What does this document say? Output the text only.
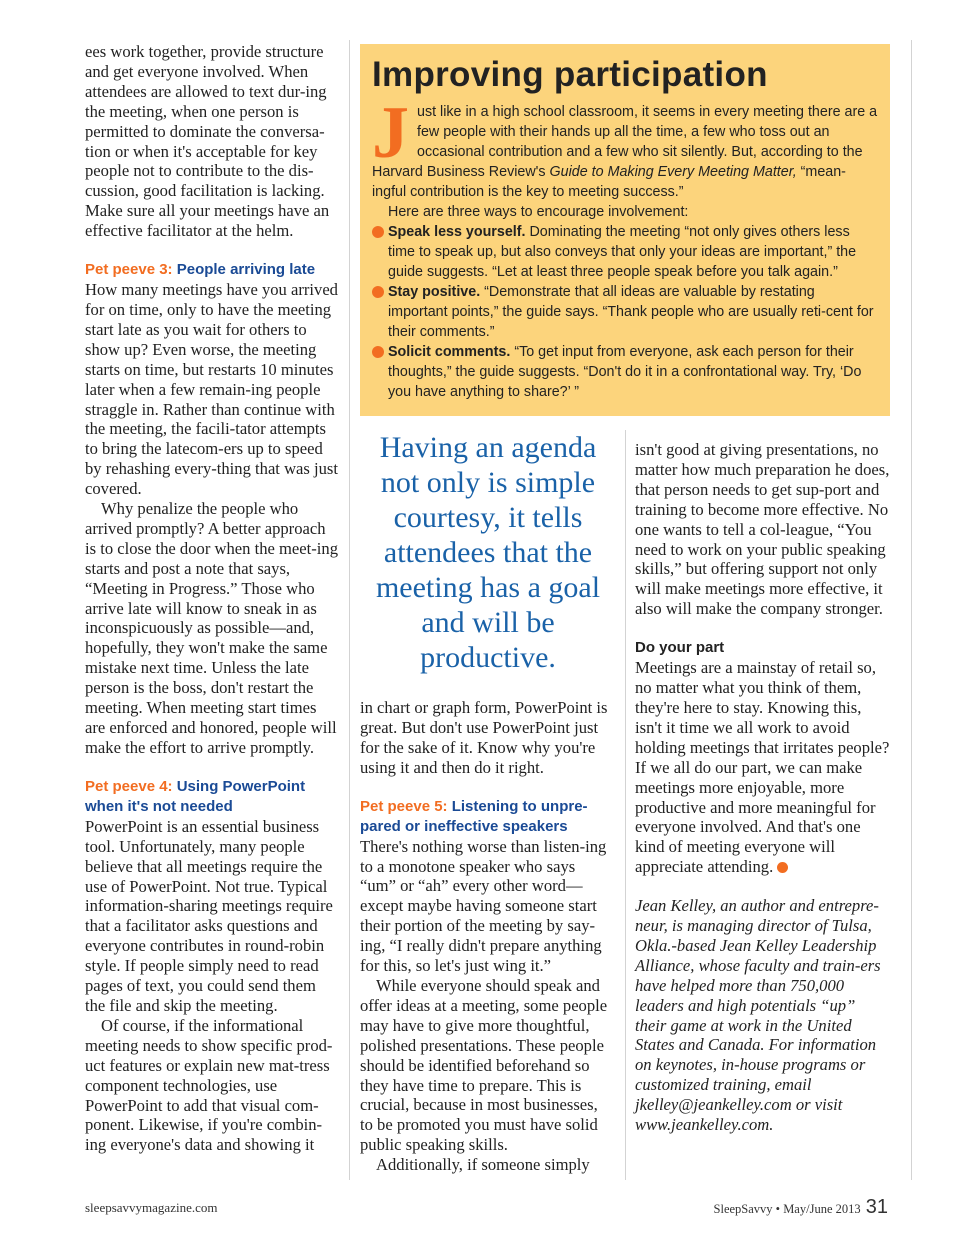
ees work together, provide structure and get everyone involved. When attendees are allowed to text dur-ing the meeting, when one person is permitted to dominate the conversa-tion or when it's acceptable for key people not to contribute to the dis-cussion, good facilitation is lacking. Make sure all your meetings have an effective facilitator at the helm.

Pet peeve 3: People arriving late

How many meetings have you arrived for on time, only to have the meeting start late as you wait for others to show up? Even worse, the meeting starts on time, but restarts 10 minutes later when a few remain-ing people straggle in. Rather than continue with the meeting, the facili-tator attempts to bring the latecom-ers up to speed by rehashing every-thing that was just covered.

Why penalize the people who arrived promptly? A better approach is to close the door when the meet-ing starts and post a note that says, “Meeting in Progress.” Those who arrive late will know to sneak in as inconspicuously as possible—and, hopefully, they won't make the same mistake next time. Unless the late person is the boss, don't restart the meeting. When meeting start times are enforced and honored, people will make the effort to arrive promptly.

Pet peeve 4: Using PowerPoint when it's not needed

PowerPoint is an essential business tool. Unfortunately, many people believe that all meetings require the use of PowerPoint. Not true. Typical information-sharing meetings require that a facilitator asks questions and everyone contributes in round-robin style. If people simply need to read pages of text, you could send them the file and skip the meeting.

Of course, if the informational meeting needs to show specific prod-uct features or explain new mat-tress component technologies, use PowerPoint to add that visual com-ponent. Likewise, if you're combin-ing everyone's data and showing it

Improving participation

Just like in a high school classroom, it seems in every meeting there are a few people with their hands up all the time, a few who toss out an occasional contribution and a few who sit silently. But, according to the Harvard Business Review's Guide to Making Every Meeting Matter, “mean-ingful contribution is the key to meeting success.”

Here are three ways to encourage involvement:

Speak less yourself. Dominating the meeting “not only gives others less time to speak up, but also conveys that only your ideas are important,” the guide suggests. “Let at least three people speak before you talk again.”

Stay positive. “Demonstrate that all ideas are valuable by restating important points,” the guide says. “Thank people who are usually reti-cent for their comments.”

Solicit comments. “To get input from everyone, ask each person for their thoughts,” the guide suggests. “Don't do it in a confrontational way. Try, ‘Do you have anything to share?’ ”

Having an agenda not only is simple courtesy, it tells attendees that the meeting has a goal and will be productive.

in chart or graph form, PowerPoint is great. But don't use PowerPoint just for the sake of it. Know why you're using it and then do it right.

Pet peeve 5: Listening to unpre-pared or ineffective speakers

There's nothing worse than listen-ing to a monotone speaker who says “um” or “ah” every other word—except maybe having someone start their portion of the meeting by say-ing, “I really didn't prepare anything for this, so let's just wing it.”

While everyone should speak and offer ideas at a meeting, some people may have to give more thoughtful, polished presentations. These people should be identified beforehand so they have time to prepare. This is crucial, because in most businesses, to be promoted you must have solid public speaking skills.

Additionally, if someone simply

isn't good at giving presentations, no matter how much preparation he does, that person needs to get sup-port and training to become more effective. No one wants to tell a col-league, “You need to work on your public speaking skills,” but offering support not only will make meetings more effective, it also will make the company stronger.

Do your part

Meetings are a mainstay of retail so, no matter what you think of them, they're here to stay. Knowing this, isn't it time we all work to avoid holding meetings that irritates people? If we all do our part, we can make meetings more enjoyable, more productive and more meaningful for everyone involved. And that's one kind of meeting everyone will appreciate attending.

Jean Kelley, an author and entrepre-neur, is managing director of Tulsa, Okla.-based Jean Kelley Leadership Alliance, whose faculty and train-ers have helped more than 750,000 leaders and high potentials “up” their game at work in the United States and Canada. For information on keynotes, in-house programs or customized training, email jkelley@jeankelley.com or visit www.jeankelley.com.

sleepsavvymagazine.com	SleepSavvy • May/June 2013 31
